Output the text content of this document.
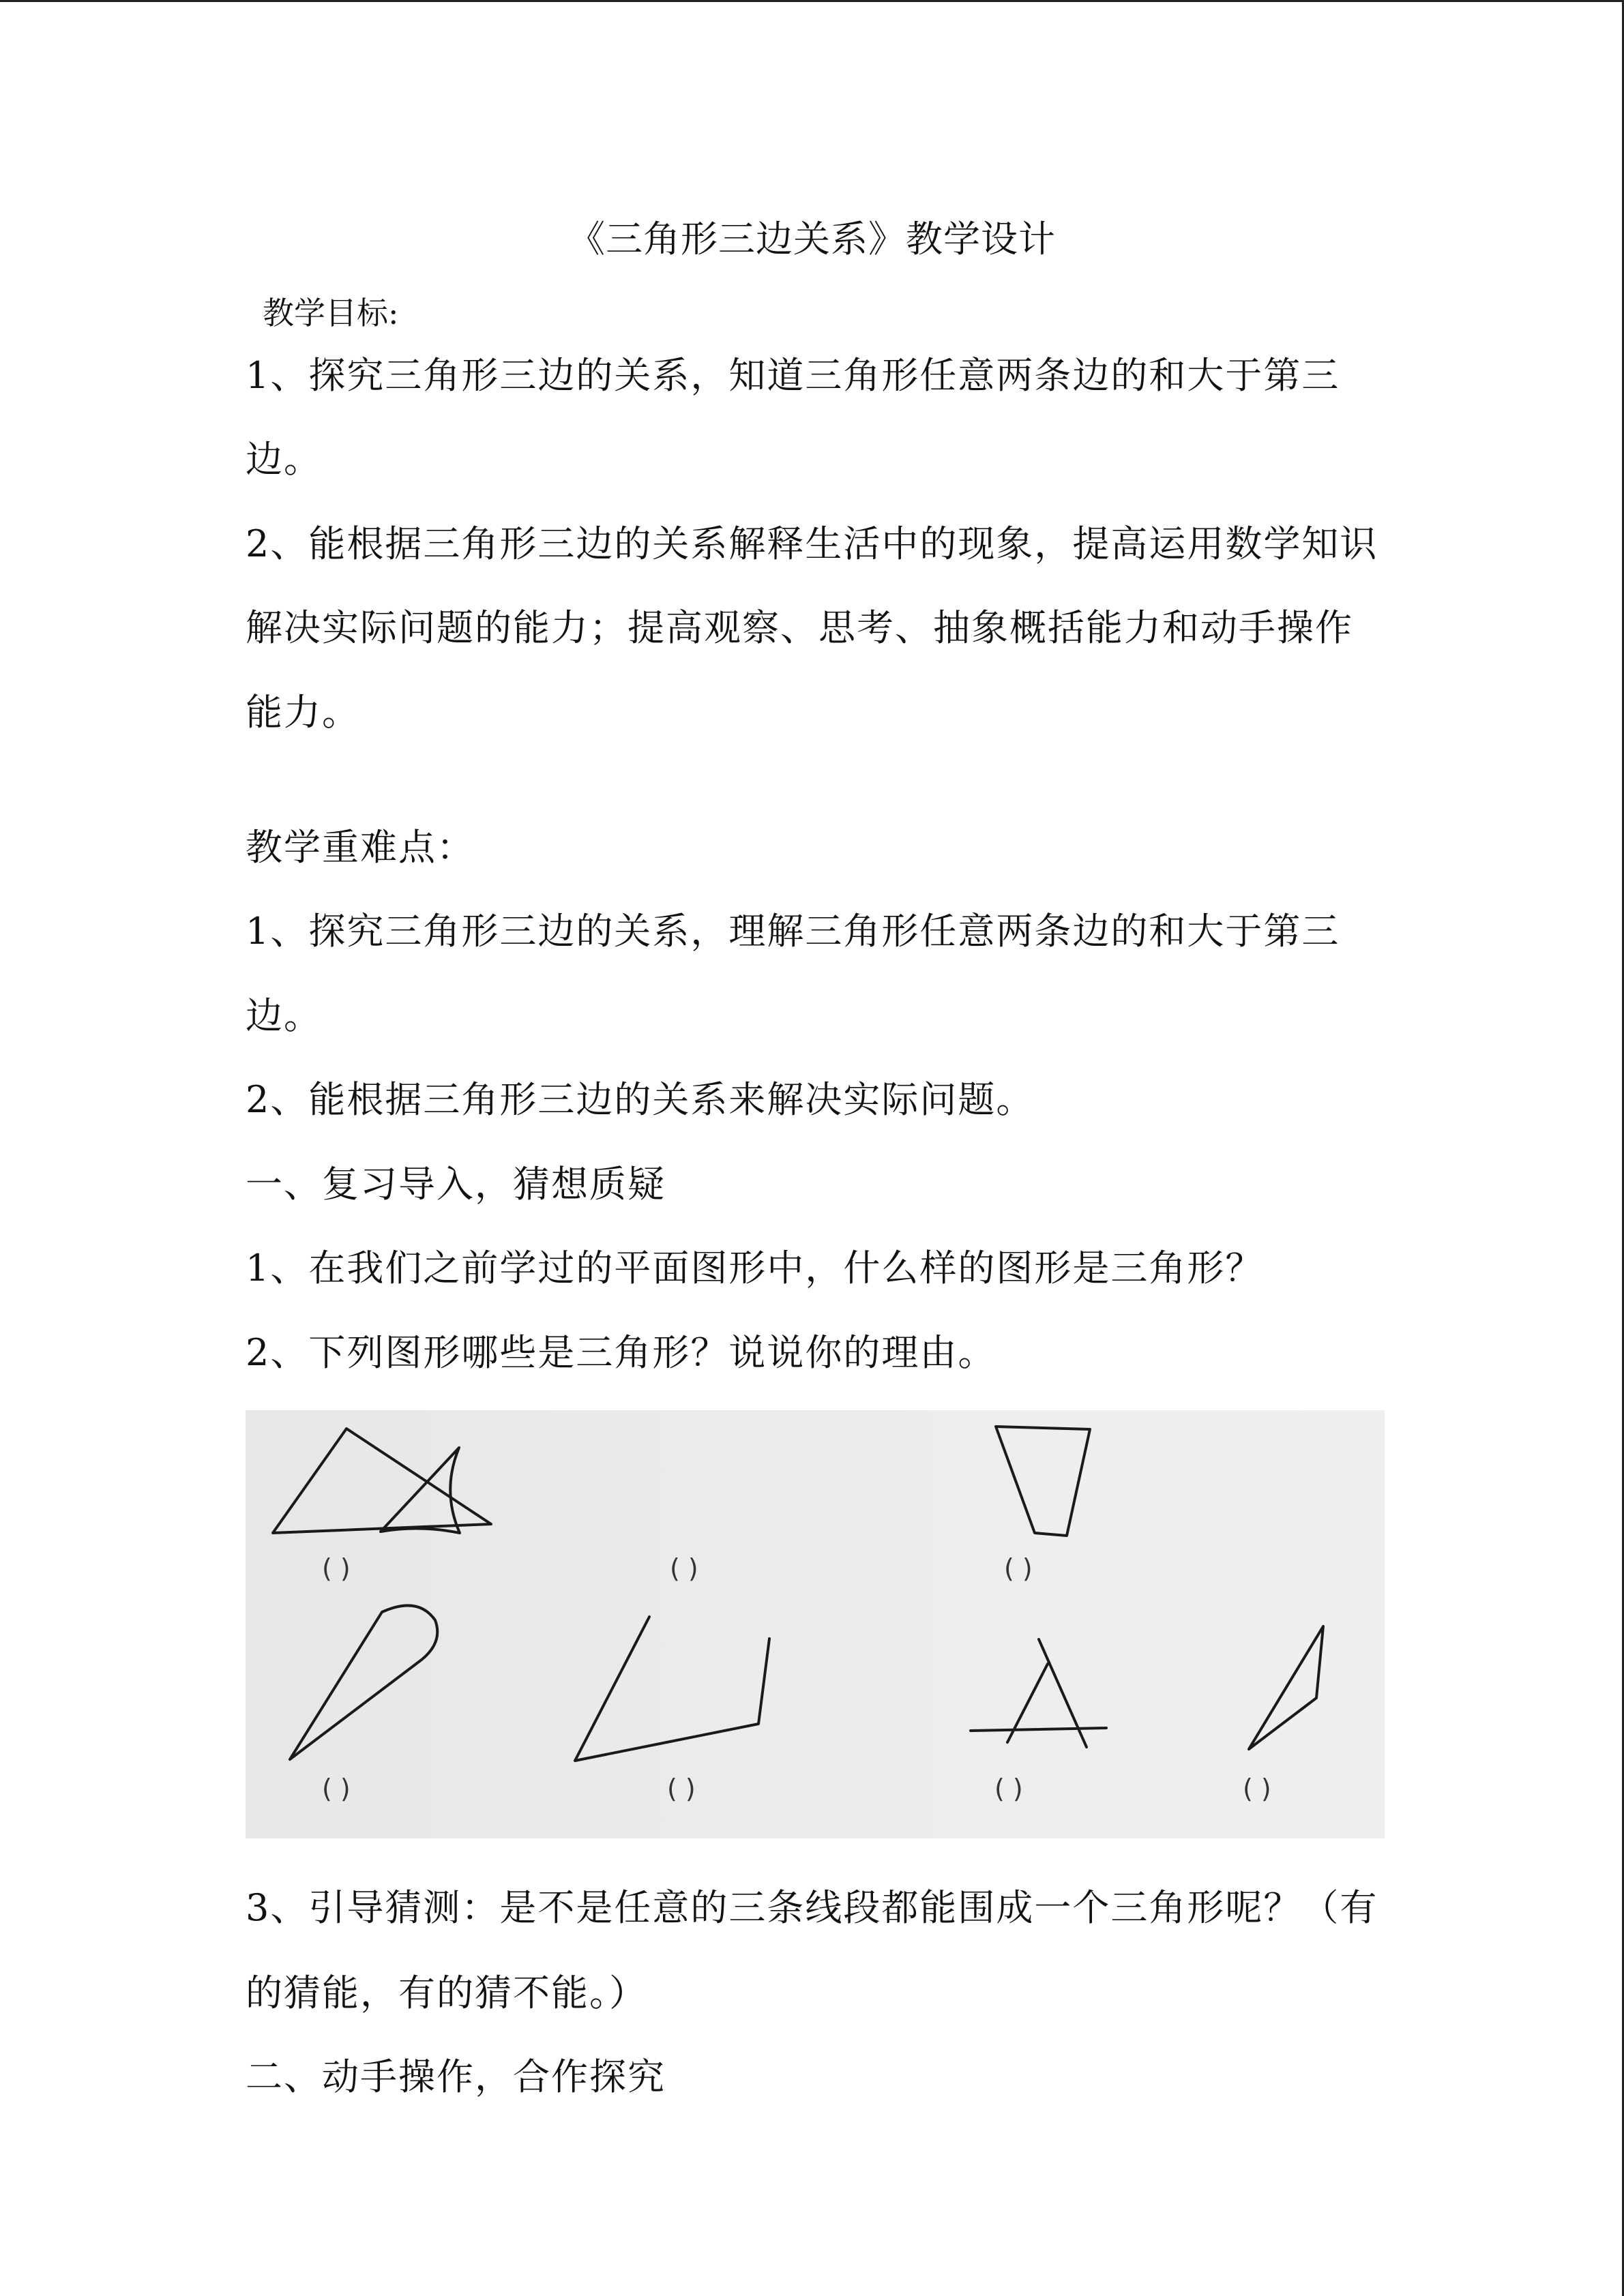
《三角形三边关系》教学设计
教学目标:
1、探究三角形三边的关系，知道三角形任意两条边的和大于第三
边。
2、能根据三角形三边的关系解释生活中的现象，提高运用数学知识
解决实际问题的能力；提高观察、思考、抽象概括能力和动手操作
能力。
教学重难点：
1、探究三角形三边的关系，理解三角形任意两条边的和大于第三
边。
2、能根据三角形三边的关系来解决实际问题。
一、复习导入，猜想质疑
1、在我们之前学过的平面图形中，什么样的图形是三角形？
2、下列图形哪些是三角形？说说你的理由。
( )	( )	( )
( )	( )	( )	( )
3、引导猜测：是不是任意的三条线段都能围成一个三角形呢？（有
的猜能，有的猜不能。）
二、动手操作，合作探究
